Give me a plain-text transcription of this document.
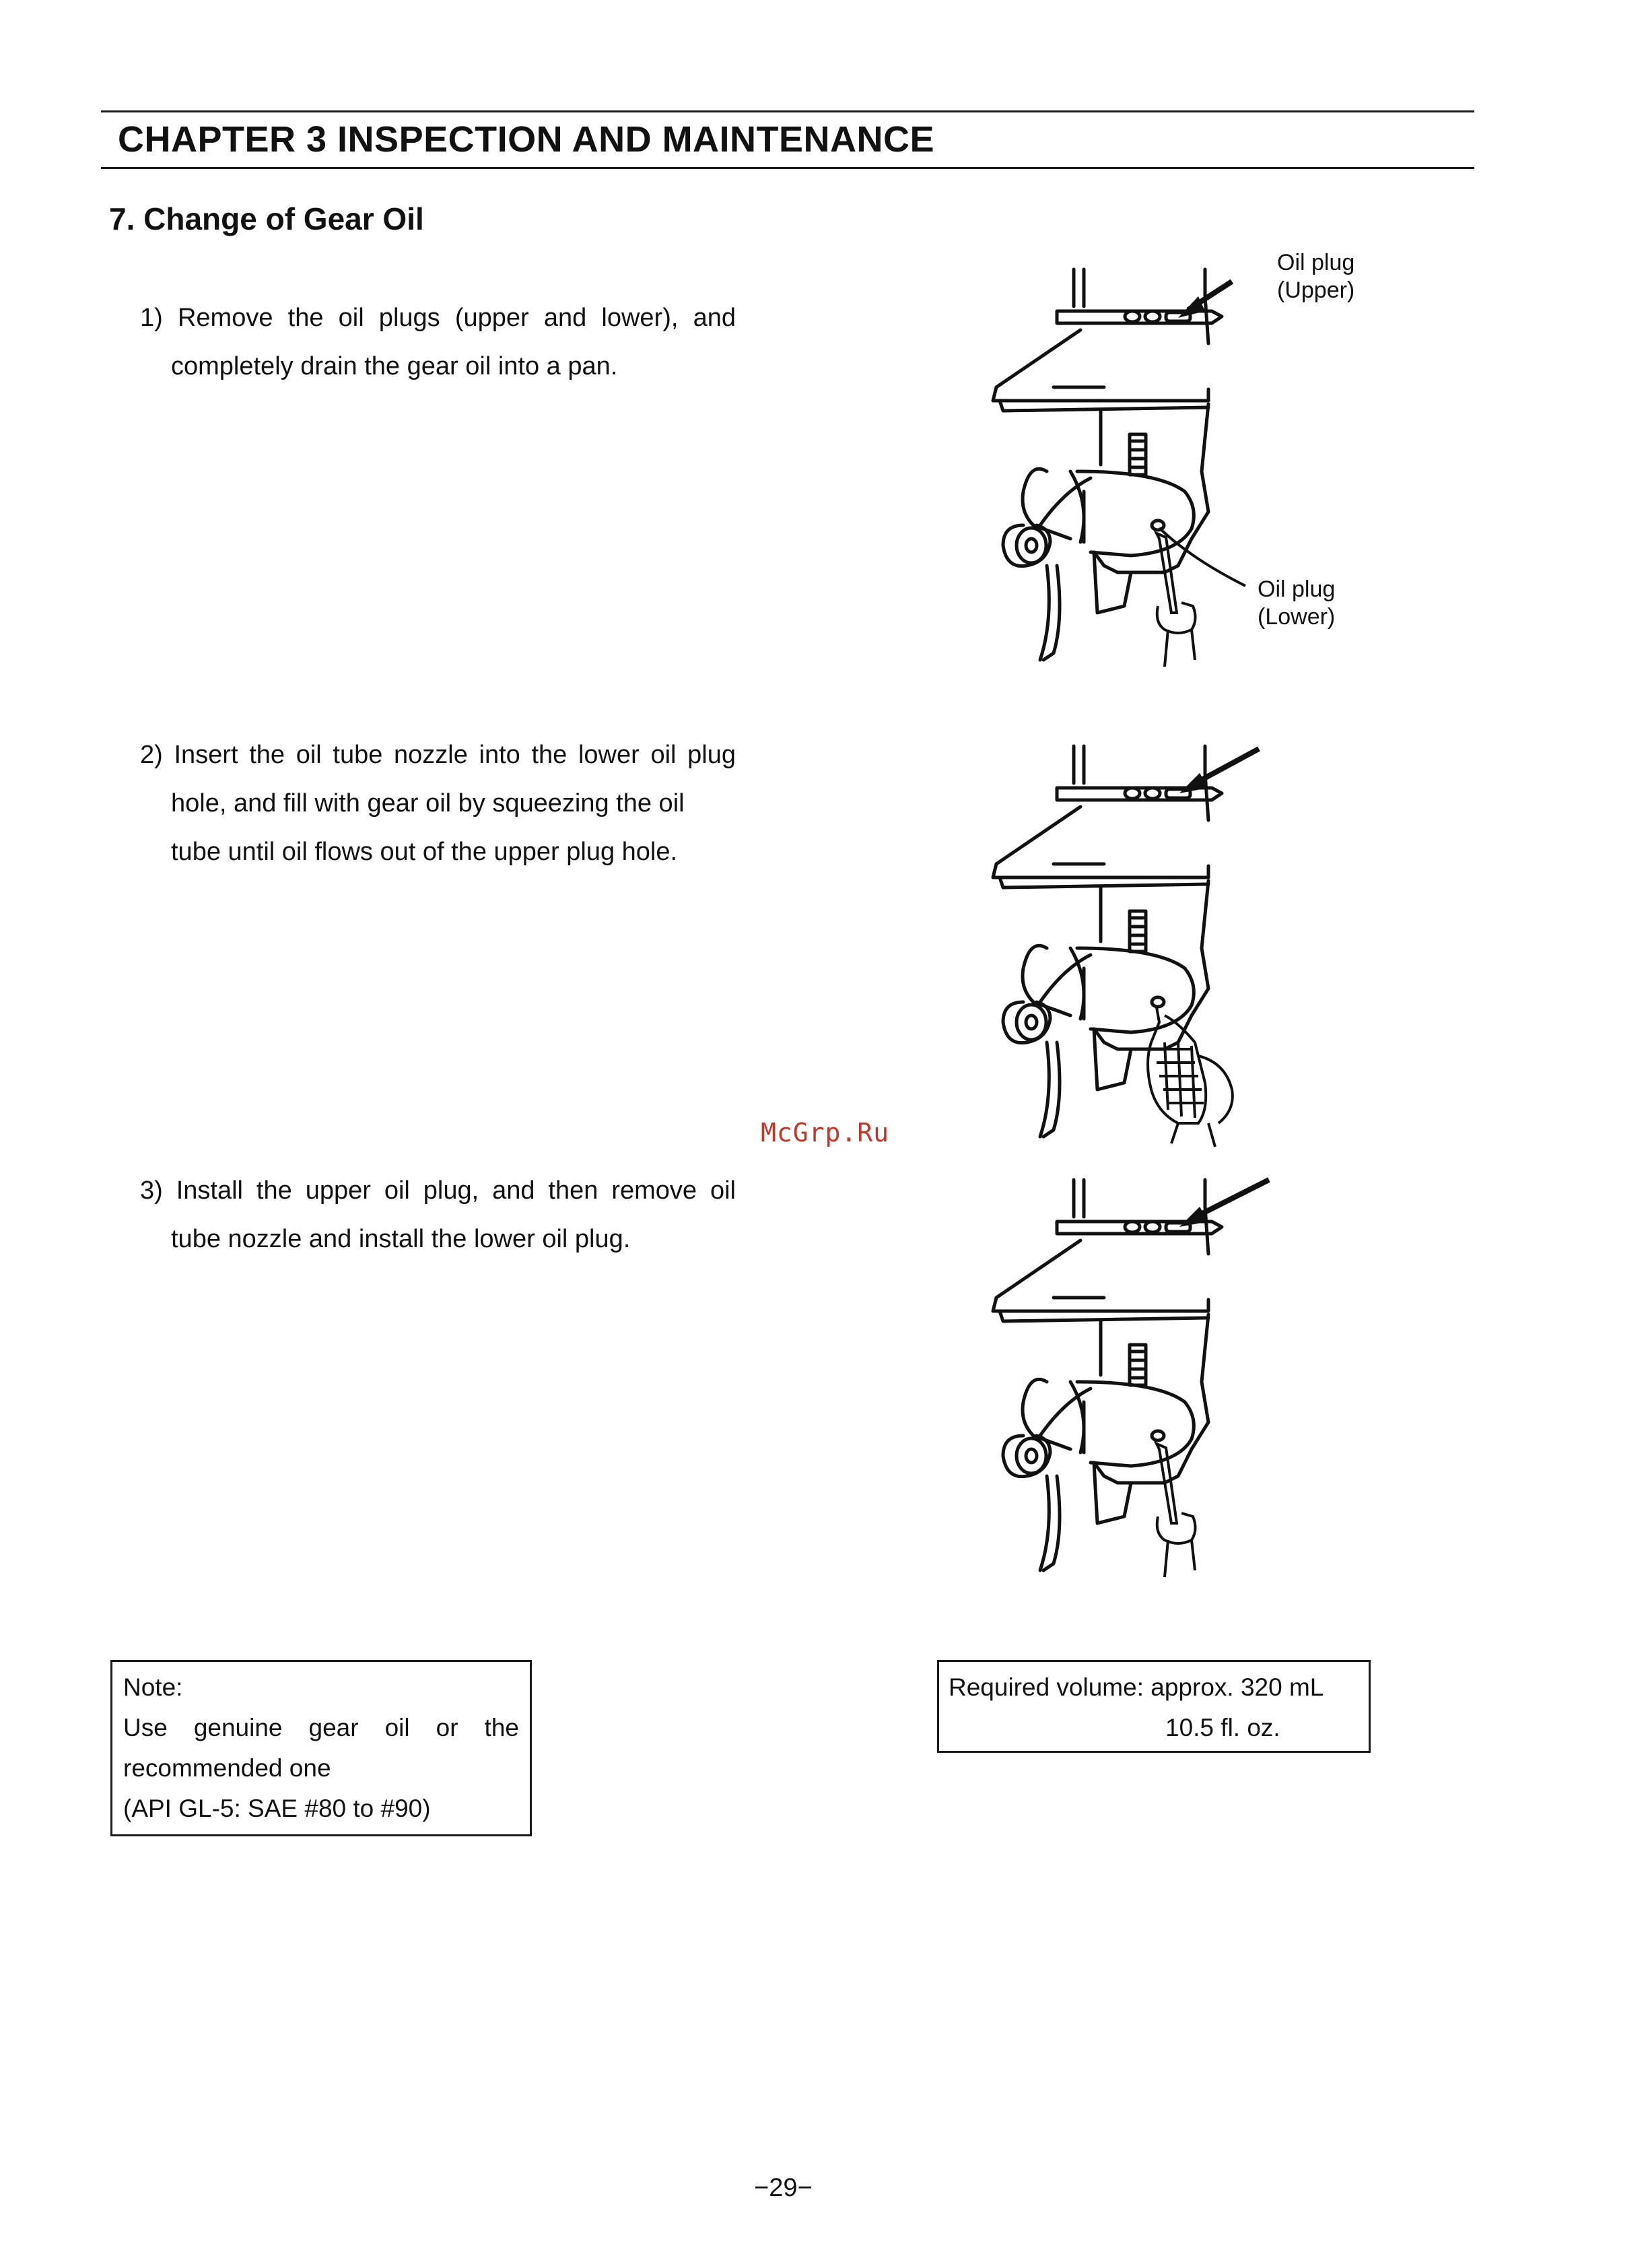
CHAPTER 3 INSPECTION AND MAINTENANCE
7. Change of Gear Oil
1) Remove the oil plugs (upper and lower), and
completely drain the gear oil into a pan.
2) Insert the oil tube nozzle into the lower oil plug
hole, and fill with gear oil by squeezing the oil tube until oil flows out of the upper plug hole.
3) Install the upper oil plug, and then remove oil
tube nozzle and install the lower oil plug.
Oil plug
(Upper)
Oil plug
(Lower)
McGrp.Ru
Note:
Use genuine gear oil or the
recommended one
(API GL-5: SAE #80 to #90)
Required volume: approx. 320 mL
10.5 fl. oz.
−29−
